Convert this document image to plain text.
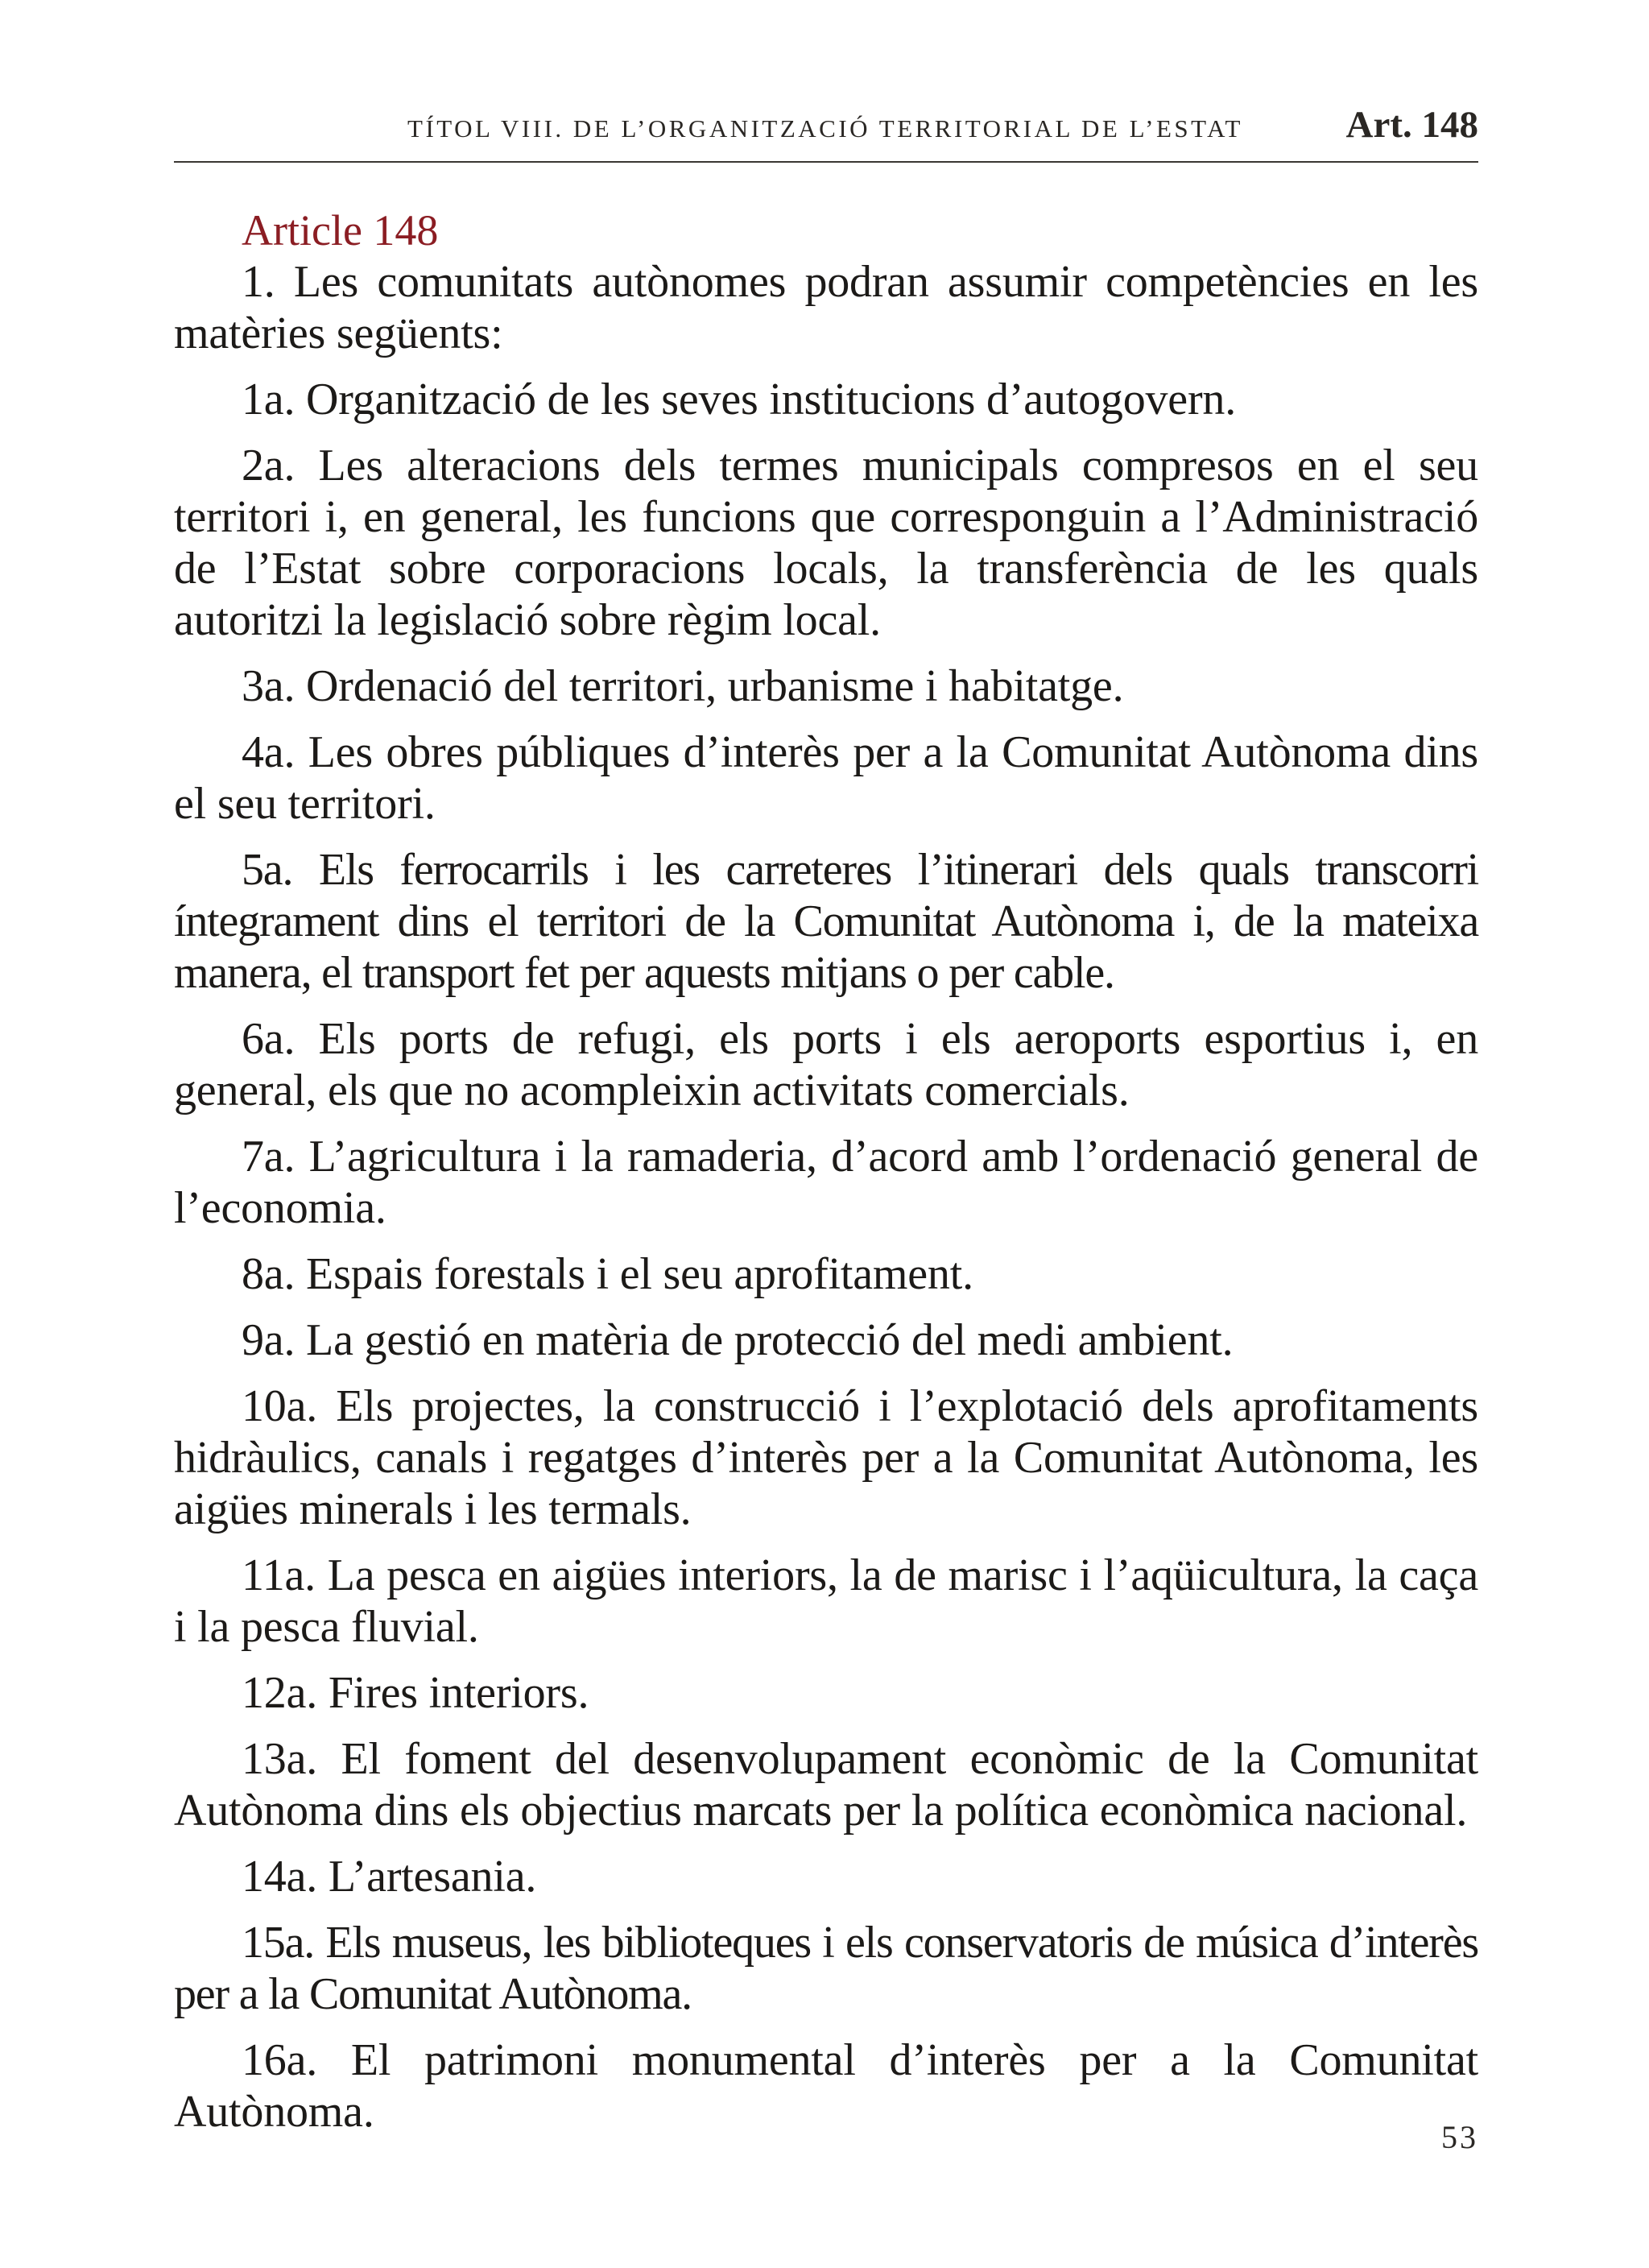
TÍTOL VIII. DE L’ORGANITZACIÓ TERRITORIAL DE L’ESTAT	Art. 148
Article 148

1. Les comunitats autònomes podran assumir competències en les matèries següents:

1a. Organització de les seves institucions d’autogovern.

2a. Les alteracions dels termes municipals compresos en el seu territori i, en general, les funcions que corresponguin a l’Administració de l’Estat sobre corporacions locals, la transferència de les quals autoritzi la legislació sobre règim local.

3a. Ordenació del territori, urbanisme i habitatge.

4a. Les obres públiques d’interès per a la Comunitat Autònoma dins el seu territori.

5a. Els ferrocarrils i les carreteres l’itinerari dels quals transcorri íntegrament dins el territori de la Comunitat Autònoma i, de la mateixa manera, el transport fet per aquests mitjans o per cable.

6a. Els ports de refugi, els ports i els aeroports esportius i, en general, els que no acompleixin activitats comercials.

7a. L’agricultura i la ramaderia, d’acord amb l’ordenació general de l’economia.

8a. Espais forestals i el seu aprofitament.

9a. La gestió en matèria de protecció del medi ambient.

10a. Els projectes, la construcció i l’explotació dels aprofitaments hidràulics, canals i regatges d’interès per a la Comunitat Autònoma, les aigües minerals i les termals.

11a. La pesca en aigües interiors, la de marisc i l’aqüicultura, la caça i la pesca fluvial.

12a. Fires interiors.

13a. El foment del desenvolupament econòmic de la Comunitat Autònoma dins els objectius marcats per la política econòmica nacional.

14a. L’artesania.

15a. Els museus, les biblioteques i els conservatoris de música d’interès per a la Comunitat Autònoma.

16a. El patrimoni monumental d’interès per a la Comunitat Autònoma.

53
